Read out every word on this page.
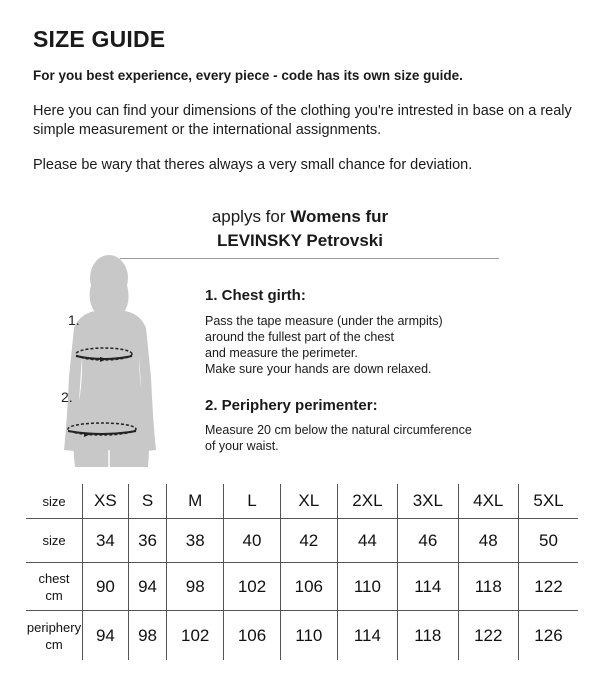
SIZE GUIDE

For you best experience, every piece - code has its own size guide.

Here you can find your dimensions of the clothing you're intrested in base on a realy simple measurement or the international assignments.

Please be wary that theres always a very small chance for deviation.

applys for Womens fur
LEVINSKY Petrovski
1.
2.

1. Chest girth:

Pass the tape measure (under the armpits)
around the fullest part of the chest
and measure the perimeter.
Make sure your hands are down relaxed.

2. Periphery perimenter:

Measure 20 cm below the natural circumference
of your waist.
size	XS	S	M	L	XL	2XL	3XL	4XL	5XL
size	34	36	38	40	42	44	46	48	50

chest
cm	90	94	98	102	106	110	114	118	122

periphery
cm	94	98	102	106	110	114	118	122	126
